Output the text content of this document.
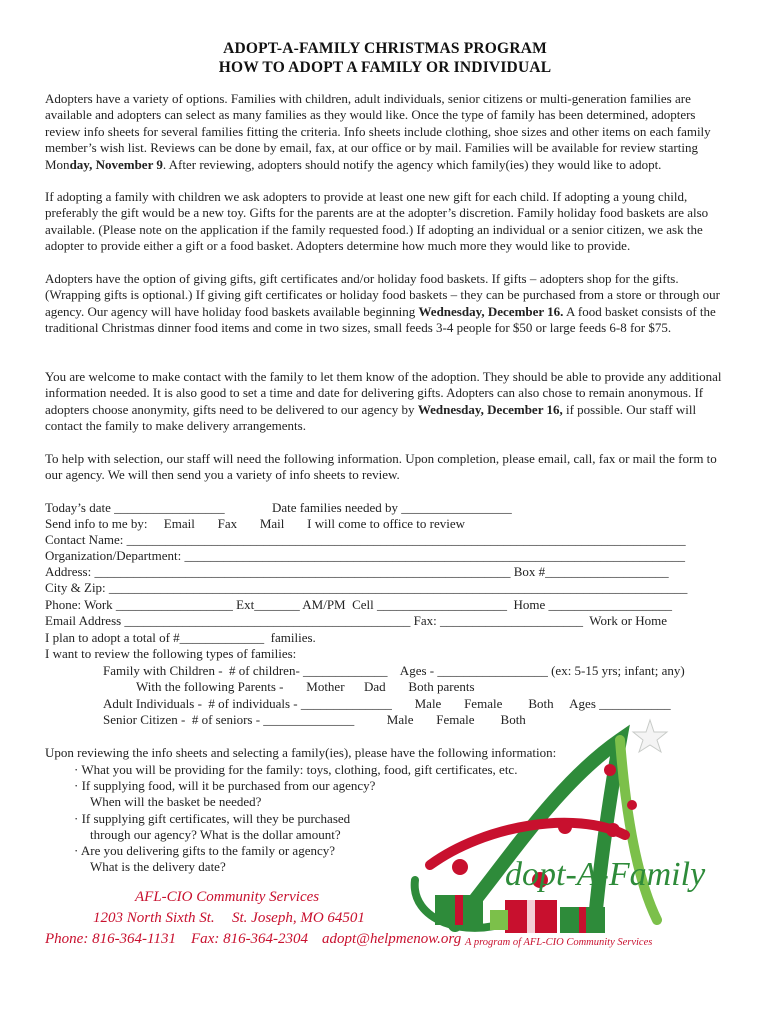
ADOPT-A-FAMILY CHRISTMAS PROGRAM
HOW TO ADOPT A FAMILY OR INDIVIDUAL

Adopters have a variety of options. Families with children, adult individuals, senior citizens or multi-generation families are available and adopters can select as many families as they would like. Once the type of family has been determined, adopters review info sheets for several families fitting the criteria. Info sheets include clothing, shoe sizes and other items on each family member’s wish list. Reviews can be done by email, fax, at our office or by mail. Families will be available for review starting Monday, November 9. After reviewing, adopters should notify the agency which family(ies) they would like to adopt.

If adopting a family with children we ask adopters to provide at least one new gift for each child. If adopting a young child, preferably the gift would be a new toy. Gifts for the parents are at the adopter’s discretion. Family holiday food baskets are also available. (Please note on the application if the family requested food.) If adopting an individual or a senior citizen, we ask the adopter to provide either a gift or a food basket. Adopters determine how much more they would like to provide.

Adopters have the option of giving gifts, gift certificates and/or holiday food baskets. If gifts – adopters shop for the gifts. (Wrapping gifts is optional.) If giving gift certificates or holiday food baskets – they can be purchased from a store or through our agency. Our agency will have holiday food baskets available beginning Wednesday, December 16. A food basket consists of the traditional Christmas dinner food items and come in two sizes, small feeds 3-4 people for $50 or large feeds 6-8 for $75.

You are welcome to make contact with the family to let them know of the adoption. They should be able to provide any additional information needed. It is also good to set a time and date for delivering gifts. Adopters can also chose to remain anonymous. If adopters choose anonymity, gifts need to be delivered to our agency by Wednesday, December 16, if possible. Our staff will contact the family to make delivery arrangements.

To help with selection, our staff will need the following information. Upon completion, please email, call, fax or mail the form to our agency. We will then send you a variety of info sheets to review.

Today’s date _________________	Date families needed by _________________
Send info to me by:     Email       Fax       Mail       I will come to office to review
Contact Name: ______________________________________________________________________________________
Organization/Department: _____________________________________________________________________________
Address: ________________________________________________________________ Box #___________________
City & Zip: _________________________________________________________________________________________
Phone: Work __________________ Ext_______ AM/PM  Cell ____________________  Home ___________________
Email Address ____________________________________________ Fax: ______________________  Work or Home
I plan to adopt a total of #_____________  families.
I want to review the following types of families:
Family with Children -  # of children- _____________    Ages - _________________ (ex: 5-15 yrs; infant; any)
With the following Parents -       Mother      Dad       Both parents
Adult Individuals -  # of individuals - ______________       Male       Female        Both     Ages ___________
Senior Citizen -  # of seniors - ______________          Male       Female        Both
Upon reviewing the info sheets and selecting a family(ies), please have the following information:
· What you will be providing for the family: toys, clothing, food, gift certificates, etc.
· If supplying food, will it be purchased from our agency?
When will the basket be needed?
· If supplying gift certificates, will they be purchased
through our agency? What is the dollar amount?
· Are you delivering gifts to the family or agency?
What is the delivery date?
AFL-CIO Community Services
1203 North Sixth St. St. Joseph, MO 64501
Phone: 816-364-1131 Fax: 816-364-2304 adopt@helpmenow.org
dopt-A-Family
A program of AFL-CIO Community Services
